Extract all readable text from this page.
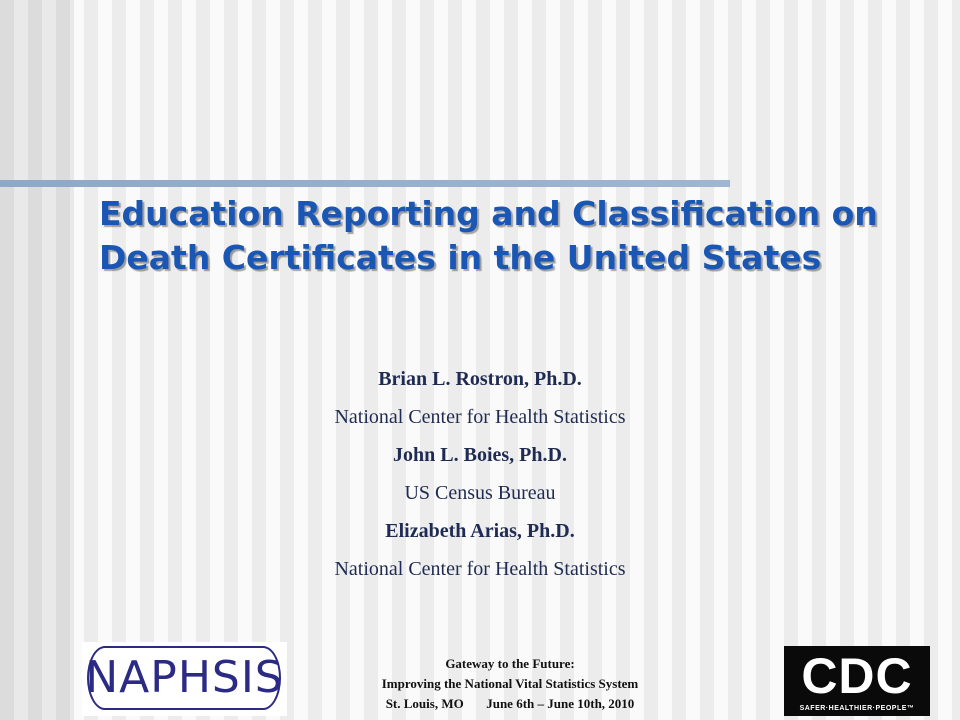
Education Reporting and Classification on Death Certificates in the United States
Brian L. Rostron, Ph.D.
National Center for Health Statistics
John L. Boies, Ph.D.
US Census Bureau
Elizabeth Arias, Ph.D.
National Center for Health Statistics
NAPHSIS	Gateway to the Future:
Improving the National Vital Statistics System
St. Louis, MO June 6th – June 10th, 2010	CDC
SAFER·HEALTHIER·PEOPLE™
